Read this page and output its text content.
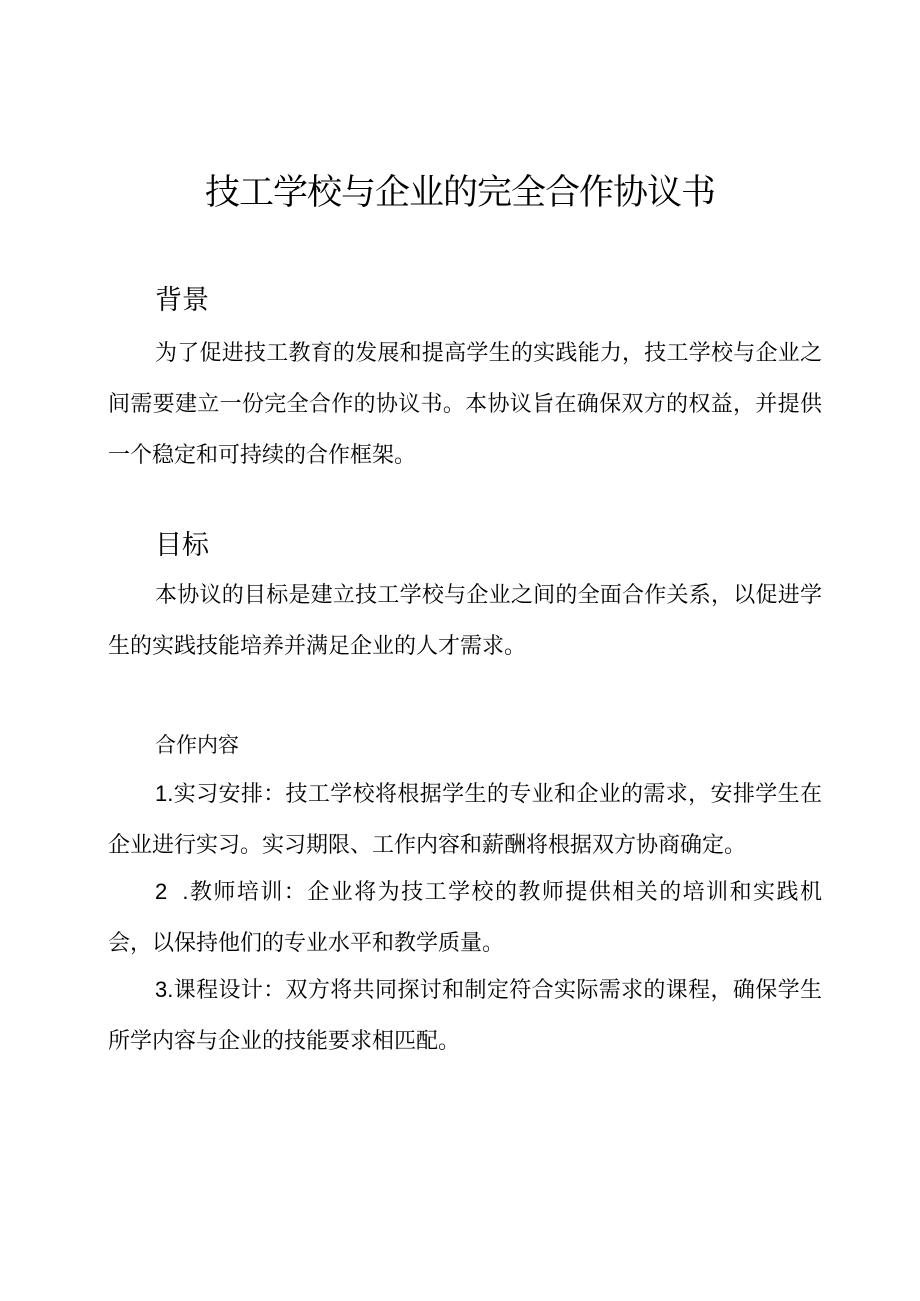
技工学校与企业的完全合作协议书
背景

为了促进技工教育的发展和提高学生的实践能力，技工学校与企业之间需要建立一份完全合作的协议书。本协议旨在确保双方的权益，并提供一个稳定和可持续的合作框架。

目标

本协议的目标是建立技工学校与企业之间的全面合作关系，以促进学生的实践技能培养并满足企业的人才需求。

合作内容

1.实习安排：技工学校将根据学生的专业和企业的需求，安排学生在企业进行实习。实习期限、工作内容和薪酬将根据双方协商确定。

2  .教师培训：企业将为技工学校的教师提供相关的培训和实践机会，以保持他们的专业水平和教学质量。

3.课程设计：双方将共同探讨和制定符合实际需求的课程，确保学生所学内容与企业的技能要求相匹配。
